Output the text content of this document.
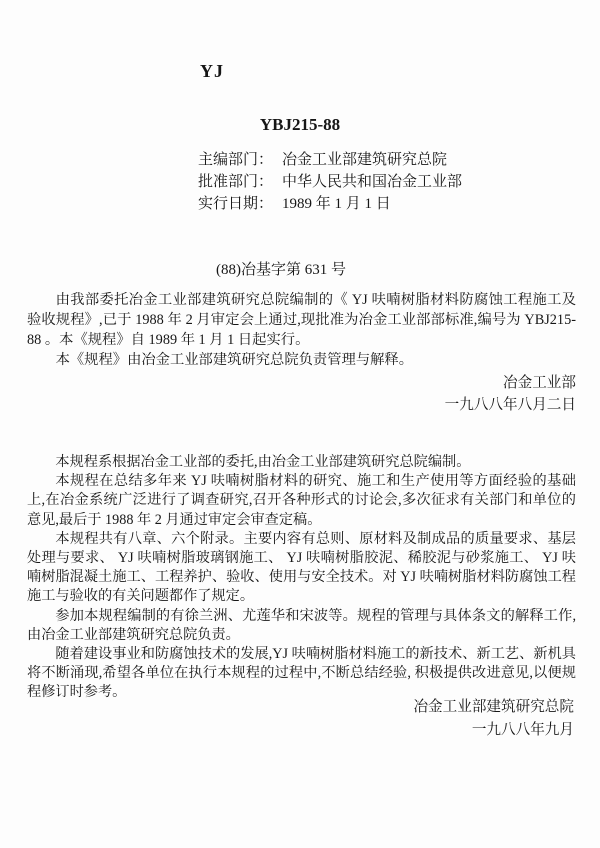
YJ
YBJ215-88
主编部门： 冶金工业部建筑研究总院
批准部门： 中华人民共和国冶金工业部
实行日期： 1989 年 1 月 1 日
(88)冶基字第 631 号

由我部委托冶金工业部建筑研究总院编制的《 YJ 呋喃树脂材料防腐蚀工程施工及验收规程》,已于 1988 年 2 月审定会上通过,现批准为冶金工业部部标准,编号为 YBJ215-88 。本《规程》自 1989 年 1 月 1 日起实行。

本《规程》由冶金工业部建筑研究总院负责管理与解释。

冶金工业部
一九八八年八月二日

本规程系根据冶金工业部的委托,由冶金工业部建筑研究总院编制。

本规程在总结多年来 YJ 呋喃树脂材料的研究、施工和生产使用等方面经验的基础上,在冶金系统广泛进行了调查研究,召开各种形式的讨论会,多次征求有关部门和单位的意见,最后于 1988 年 2 月通过审定会审查定稿。

本规程共有八章、六个附录。主要内容有总则、原材料及制成品的质量要求、基层处理与要求、 YJ 呋喃树脂玻璃钢施工、 YJ 呋喃树脂胶泥、稀胶泥与砂浆施工、 YJ 呋喃树脂混凝土施工、工程养护、验收、使用与安全技术。对 YJ 呋喃树脂材料防腐蚀工程施工与验收的有关问题都作了规定。

参加本规程编制的有徐兰洲、尤莲华和宋波等。规程的管理与具体条文的解释工作,由冶金工业部建筑研究总院负责。

随着建设事业和防腐蚀技术的发展,YJ 呋喃树脂材料施工的新技术、新工艺、新机具将不断涌现,希望各单位在执行本规程的过程中,不断总结经验, 积极提供改进意见,以便规程修订时参考。

冶金工业部建筑研究总院
一九八八年九月
